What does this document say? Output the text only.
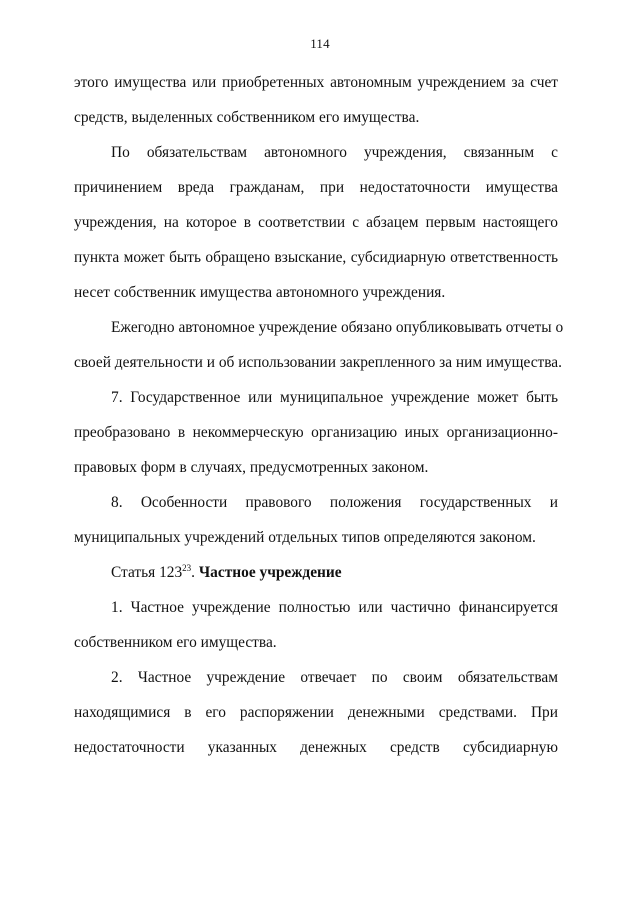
114
этого имущества или приобретенных автономным учреждением за счет
средств, выделенных собственником его имущества.
По обязательствам автономного учреждения, связанным с
причинением вреда гражданам, при недостаточности имущества
учреждения, на которое в соответствии с абзацем первым настоящего
пункта может быть обращено взыскание, субсидиарную ответственность
несет собственник имущества автономного учреждения.
Ежегодно автономное учреждение обязано опубликовывать отчеты о
своей деятельности и об использовании закрепленного за ним имущества.
7. Государственное или муниципальное учреждение может быть
преобразовано в некоммерческую организацию иных организационно-
правовых форм в случаях, предусмотренных законом.
8. Особенности правового положения государственных и
муниципальных учреждений отдельных типов определяются законом.
Статья $123^{23}$. Частное учреждение
1. Частное учреждение полностью или частично финансируется
собственником его имущества.
2. Частное учреждение отвечает по своим обязательствам
находящимися в его распоряжении денежными средствами. При
недостаточности указанных денежных средств субсидиарную
